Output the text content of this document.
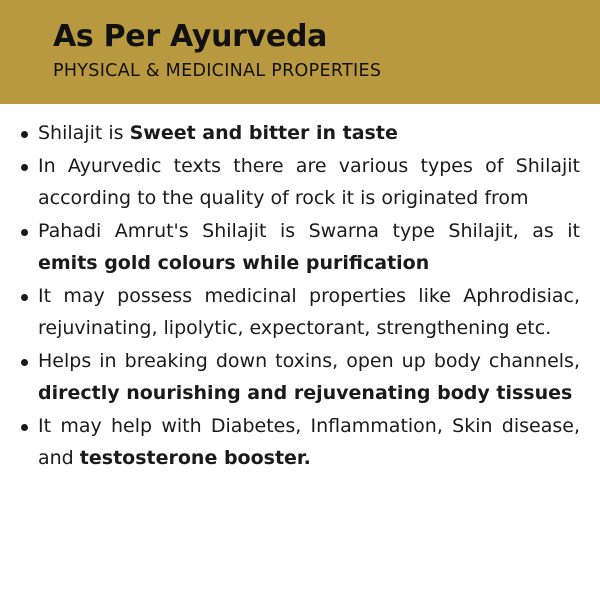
As Per Ayurveda
PHYSICAL & MEDICINAL PROPERTIES
Shilajit is Sweet and bitter in taste
In Ayurvedic texts there are various types of Shilajit according to the quality of rock it is originated from
Pahadi Amrut's Shilajit is Swarna type Shilajit, as it emits gold colours while purification
It may possess medicinal properties like Aphrodisiac, rejuvinating, lipolytic, expectorant, strengthening etc.
Helps in breaking down toxins, open up body channels, directly nourishing and rejuvenating body tissues
It may help with Diabetes, Inflammation, Skin disease, and testosterone booster.
